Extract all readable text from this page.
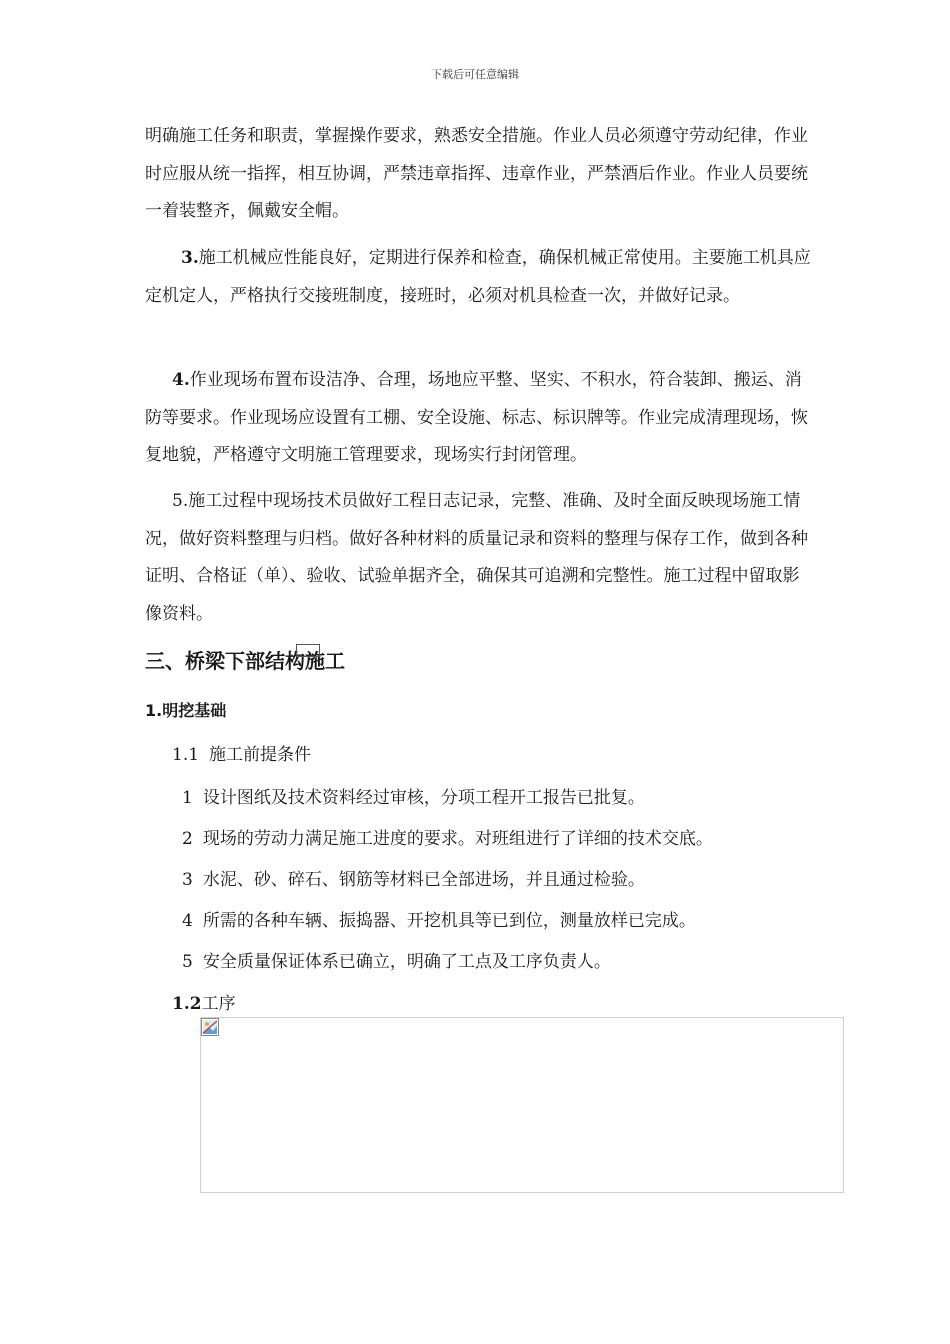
下载后可任意编辑

明确施工任务和职责，掌握操作要求，熟悉安全措施。作业人员必须遵守劳动纪律，作业时应服从统一指挥，相互协调，严禁违章指挥、违章作业，严禁酒后作业。作业人员要统一着装整齐，佩戴安全帽。

3.施工机械应性能良好，定期进行保养和检查，确保机械正常使用。主要施工机具应定机定人，严格执行交接班制度，接班时，必须对机具检查一次，并做好记录。

4.作业现场布置布设洁净、合理，场地应平整、坚实、不积水，符合装卸、搬运、消防等要求。作业现场应设置有工棚、安全设施、标志、标识牌等。作业完成清理现场，恢复地貌，严格遵守文明施工管理要求，现场实行封闭管理。

5.施工过程中现场技术员做好工程日志记录，完整、准确、及时全面反映现场施工情况，做好资料整理与归档。做好各种材料的质量记录和资料的整理与保存工作，做到各种证明、合格证（单）、验收、试验单据齐全，确保其可追溯和完整性。施工过程中留取影像资料。

三、桥梁下部结构施工
1.明挖基础

1.1 施工前提条件

1 设计图纸及技术资料经过审核，分项工程开工报告已批复。

2 现场的劳动力满足施工进度的要求。对班组进行了详细的技术交底。

3 水泥、砂、碎石、钢筋等材料已全部进场，并且通过检验。

4 所需的各种车辆、振捣器、开挖机具等已到位，测量放样已完成。

5 安全质量保证体系已确立，明确了工点及工序负责人。

1.2工序
